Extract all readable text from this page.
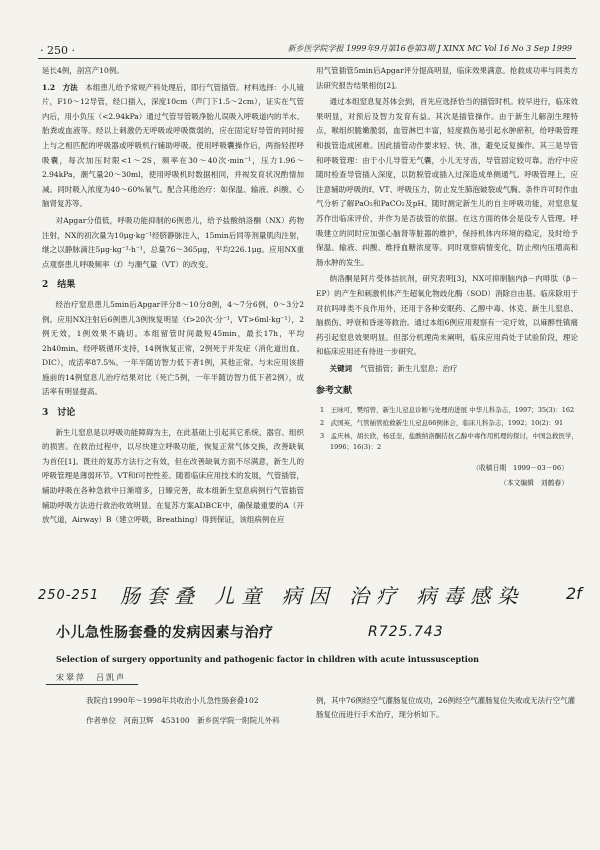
· 250 ·	新乡医学院学报 1999年9月第16卷第3期 J XINX MC Vol 16 No 3 Sep 1999

延长4例，剖宫产10例。

1.2　方法　 本组患儿给予常规产科处理后，即行气管插管。材料选择：小儿镜片，F10～12导管，经口插入，深度10cm（声门下1.5～2cm），证实在气管内后，用小负压（<2.94kPa）通过气管导管吸净胎儿误吸入呼吸道内的羊水、胎粪或血液等。经以上刺激仍无呼吸或呼吸微弱的，应在固定好导管的同时接上与之相匹配的呼吸器或呼吸机行辅助呼吸。使用呼吸囊操作后，两指轻捏呼吸囊，每次加压时限<1～2S，频率在30～40次·min⁻¹，压力1.96～2.94kPa，潮气量20～30ml，使用呼吸机时数据相同，并视发育状况酌情加减。同时吸入浓度为40～60%氧气。配合其他治疗：如保温、输液、纠酸、心脑肾复苏等。

对Apgar分值低，呼吸功能抑制的6例患儿，给予盐酸纳洛酮（NX）药物注射，NX的初次量为10μg·kg⁻¹经脐静脉注入，15min后同等剂量肌肉注射，继之以静脉滴注5μg·kg⁻¹·h⁻¹，总量76～365μg，平均226.1μg。应用NX重点观察患儿呼吸频率（f）与潮气量（VT）的改变。

2　结果

经治疗窒息患儿5min后Apgar评分8～10分8例，4～7分6例，0～3分2例。应用NX注射后6例患儿3例恢复明显（f>20次·分⁻¹，VT>6ml·kg⁻¹），2例无效，1例效果不确切。本组留管时间最短45min，最长17h，平均2h40min。经呼吸循环支持，14例恢复正常，2例死于并发症（消化道出血、DIC），成活率87.5%。一年半随访智力低下者1例，其他正常。与未应用该措施前的14例窒息儿治疗结果对比（死亡5例，一年半随访智力低下者2例），成活率有明显提高。

3　讨论

新生儿窒息是以呼吸功能障碍为主，在此基础上引起其它系统、器官、组织的损害。在救治过程中，以尽快建立呼吸功能，恢复正常气体交换，改善缺氧为首任[1]。既往的复苏方法行之有效，但在改善缺氧方面不尽满意，新生儿的呼吸管理是薄弱环节。VT和f可控性差。随着临床应用技术的发展，气管插管，辅助呼吸在各种急救中日渐增多，日臻完善，故本组新生窒息病例行气管插管辅助呼吸方法进行救治收效明显。在复苏方案ADBCE中，确保最重要的A（开放气道，Airway）B（建立呼吸，Breathing）得到保证，该组病例在应

用气管插管5min后Apgar评分提高明显，临床效果满意。抢救成功率与同类方法研究报告结果相仿[2]。

通过本组窒息复苏体会到，首先应选择恰当的插管时机。较早进行，临床效果明显，对预后及智力发育有益。其次是插管操作。由于新生儿解剖生理特点，喉组织脆嫩脆弱，血管淋巴丰富，轻度损伤易引起水肿瘀积，给呼吸管理和拔管造成困难。因此插管动作要求轻、快、准，避免反复操作。其三是导管和呼吸管理：由于小儿导管无气囊，小儿无牙齿，导管固定较可靠。治疗中应随时检查导管插入深度，以防脱管或插入过深造成单侧通气。呼吸管理上，应注意辅助呼吸的f、VT、呼吸压力，防止发生肺泡破裂或气胸。条件许可时作血气分析了解PaO₂和PaCO₂及pH。随时测定新生儿的自主呼吸功能，对窒息复苏作出临床评价，并作为是否拔管的依据。在这方面的体会是设专人管理。呼吸建立的同时应加强心脑肾等脏器的维护，保持机体内环境的稳定，及时给予保温、输液、纠酸、维持血糖浓度等。同时观察病情变化，防止颅内压增高和肠水肿的发生。

纳洛酮是阿片受体拮抗剂，研究表明[3]，NX可抑制脑内β－内啡肽（β－EP）的产生和刺激机体产生超氧化物歧化酶（SOD）消除自由基。临床除用于对抗吗啡类不良作用外，还用于各种安眠药、乙醇中毒、休克、新生儿窒息、脑损伤、呼衰和昏迷等救治。通过本组6例应用观察有一定疗效，以麻醉性镇痛药引起窒息效果明显。但部分机理尚未阐明，临床应用尚处于试验阶段，理论和临床应用还有待进一步研究。

关键词 气管插管；新生儿窒息；治疗
参考文献
1　王咏可，樊绍曾，新生儿窒息诊断与处理的进展 中华儿科杂志，1997；35(3)：162
2　武国英，气管插管抢救新生儿窒息66例体会，临床儿科杂志，1992；10(2)：91
3　孟庆林，胡长欣，杨廷奎，盐酸纳洛酮拮抗乙醇中毒作用机理的探讨，中国急救医学，1996；16(3)：2
（收稿日期　1999－03－06）
（本文编辑　刘鹤春）
250-251 肠套叠 儿童 病因 治疗 病毒感染
R725.743
2f
小儿急性肠套叠的发病因素与治疗
Selection of surgery opportunity and pathogenic factor in children with acute intussusception
宋翠萍　吕凯声

我院自1990年～1998年共收治小儿急性肠套叠102

作者单位　河南卫辉　453100　新乡医学院一附院儿外科

例，其中76例经空气灌肠复位成功，26例经空气灌肠复位失败或无法行空气灌肠复位而进行手术治疗，现分析如下。
